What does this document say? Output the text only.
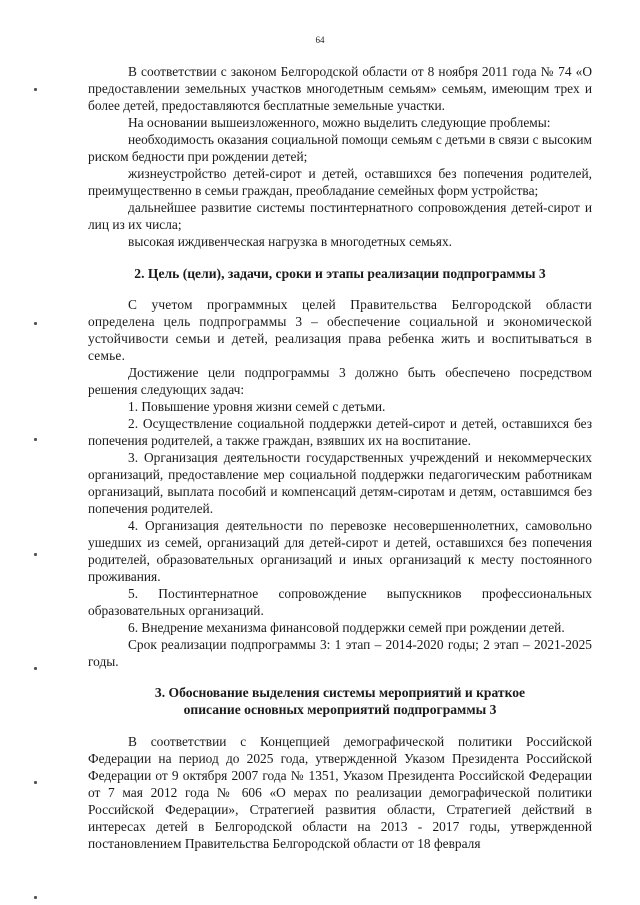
64

В соответствии с законом Белгородской области от 8 ноября 2011 года № 74 «О предоставлении земельных участков многодетным семьям» семьям, имеющим трех и более детей, предоставляются бесплатные земельные участки.

На основании вышеизложенного, можно выделить следующие проблемы:

необходимость оказания социальной помощи семьям с детьми в связи с высоким риском бедности при рождении детей;

жизнеустройство детей-сирот и детей, оставшихся без попечения родителей, преимущественно в семьи граждан, преобладание семейных форм устройства;

дальнейшее развитие системы постинтернатного сопровождения детей-сирот и лиц из их числа;

высокая иждивенческая нагрузка в многодетных семьях.

2. Цель (цели), задачи, сроки и этапы реализации подпрограммы 3

С учетом программных целей Правительства Белгородской области определена цель подпрограммы 3 – обеспечение социальной и экономической устойчивости семьи и детей, реализация права ребенка жить и воспитываться в семье.

Достижение цели подпрограммы 3 должно быть обеспечено посредством решения следующих задач:

1. Повышение уровня жизни семей с детьми.

2. Осуществление социальной поддержки детей-сирот и детей, оставшихся без попечения родителей, а также граждан, взявших их на воспитание.

3. Организация деятельности государственных учреждений и некоммерческих организаций, предоставление мер социальной поддержки педагогическим работникам организаций, выплата пособий и компенсаций детям-сиротам и детям, оставшимся без попечения родителей.

4. Организация деятельности по перевозке несовершеннолетних, самовольно ушедших из семей, организаций для детей-сирот и детей, оставшихся без попечения родителей, образовательных организаций и иных организаций к месту постоянного проживания.

5. Постинтернатное сопровождение выпускников профессиональных образовательных организаций.

6. Внедрение механизма финансовой поддержки семей при рождении детей.

Срок реализации подпрограммы 3: 1 этап – 2014-2020 годы; 2 этап – 2021-2025 годы.

3. Обоснование выделения системы мероприятий и краткое
описание основных мероприятий подпрограммы 3

В соответствии с Концепцией демографической политики Российской Федерации на период до 2025 года, утвержденной Указом Президента Российской Федерации от 9 октября 2007 года № 1351, Указом Президента Российской Федерации от 7 мая 2012 года № 606 «О мерах по реализации демографической политики Российской Федерации», Стратегией развития области, Стратегией действий в интересах детей в Белгородской области на 2013 - 2017 годы, утвержденной постановлением Правительства Белгородской области от 18 февраля
